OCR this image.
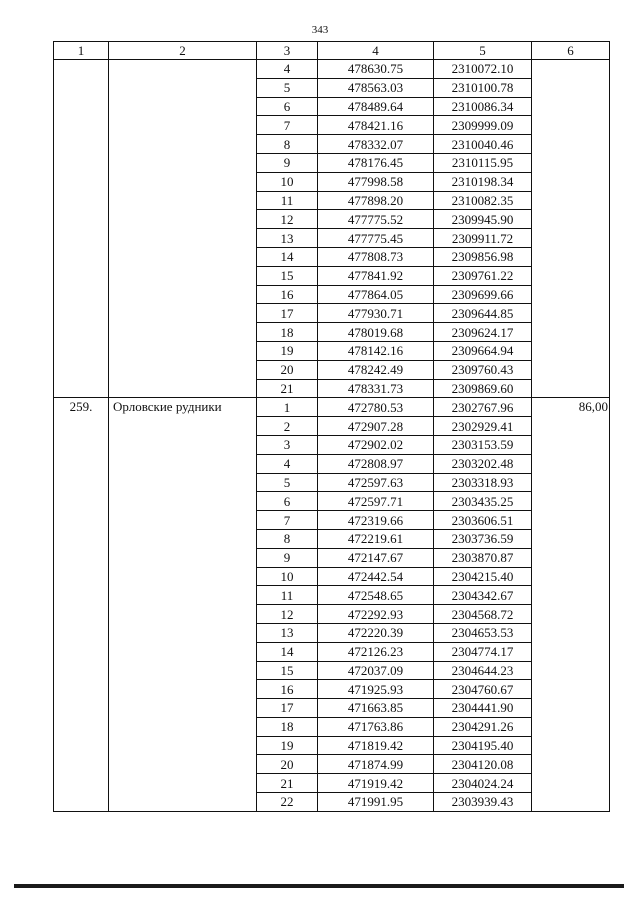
343
1	2	3	4	5	6
		4	478630.75	2310072.10	
		5	478563.03	2310100.78	
		6	478489.64	2310086.34	
		7	478421.16	2309999.09	
		8	478332.07	2310040.46	
		9	478176.45	2310115.95	
		10	477998.58	2310198.34	
		11	477898.20	2310082.35	
		12	477775.52	2309945.90	
		13	477775.45	2309911.72	
		14	477808.73	2309856.98	
		15	477841.92	2309761.22	
		16	477864.05	2309699.66	
		17	477930.71	2309644.85	
		18	478019.68	2309624.17	
		19	478142.16	2309664.94	
		20	478242.49	2309760.43	
		21	478331.73	2309869.60	
259.	Орловские рудники	1	472780.53	2302767.96	86,00
		2	472907.28	2302929.41	
		3	472902.02	2303153.59	
		4	472808.97	2303202.48	
		5	472597.63	2303318.93	
		6	472597.71	2303435.25	
		7	472319.66	2303606.51	
		8	472219.61	2303736.59	
		9	472147.67	2303870.87	
		10	472442.54	2304215.40	
		11	472548.65	2304342.67	
		12	472292.93	2304568.72	
		13	472220.39	2304653.53	
		14	472126.23	2304774.17	
		15	472037.09	2304644.23	
		16	471925.93	2304760.67	
		17	471663.85	2304441.90	
		18	471763.86	2304291.26	
		19	471819.42	2304195.40	
		20	471874.99	2304120.08	
		21	471919.42	2304024.24	
		22	471991.95	2303939.43	
